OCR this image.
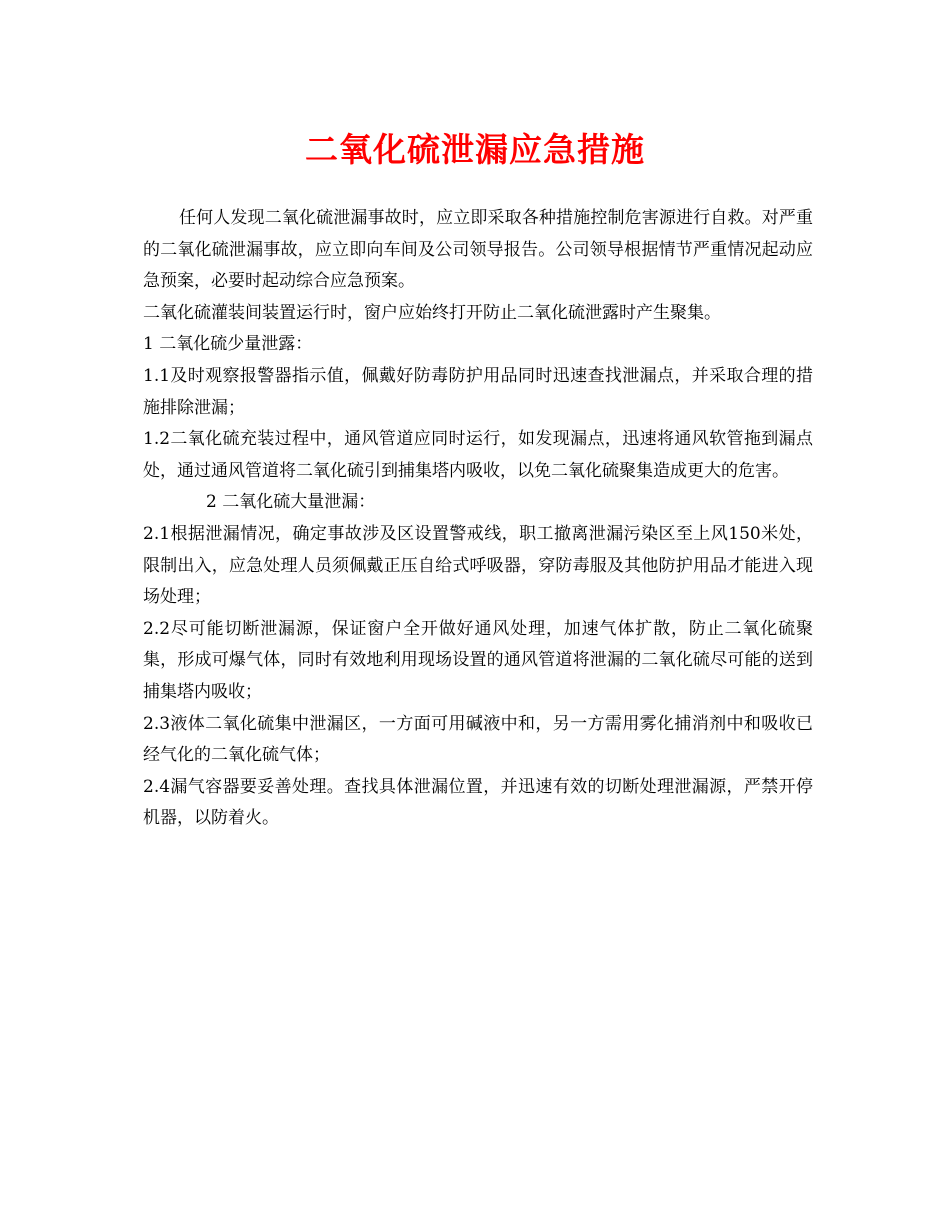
二氧化硫泄漏应急措施

任何人发现二氧化硫泄漏事故时，应立即采取各种措施控制危害源进行自救。对严重的二氧化硫泄漏事故，应立即向车间及公司领导报告。公司领导根据情节严重情况起动应急预案，必要时起动综合应急预案。

二氧化硫灌装间装置运行时，窗户应始终打开防止二氧化硫泄露时产生聚集。

1 二氧化硫少量泄露：

1.1及时观察报警器指示值，佩戴好防毒防护用品同时迅速查找泄漏点，并采取合理的措施排除泄漏；

1.2二氧化硫充装过程中，通风管道应同时运行，如发现漏点，迅速将通风软管拖到漏点处，通过通风管道将二氧化硫引到捕集塔内吸收，以免二氧化硫聚集造成更大的危害。

2 二氧化硫大量泄漏：

2.1根据泄漏情况，确定事故涉及区设置警戒线，职工撤离泄漏污染区至上风150米处，限制出入，应急处理人员须佩戴正压自给式呼吸器，穿防毒服及其他防护用品才能进入现场处理；

2.2尽可能切断泄漏源，保证窗户全开做好通风处理，加速气体扩散，防止二氧化硫聚集，形成可爆气体，同时有效地利用现场设置的通风管道将泄漏的二氧化硫尽可能的送到捕集塔内吸收；

2.3液体二氧化硫集中泄漏区，一方面可用碱液中和，另一方需用雾化捕消剂中和吸收已经气化的二氧化硫气体；

2.4漏气容器要妥善处理。查找具体泄漏位置，并迅速有效的切断处理泄漏源，严禁开停机器，以防着火。
